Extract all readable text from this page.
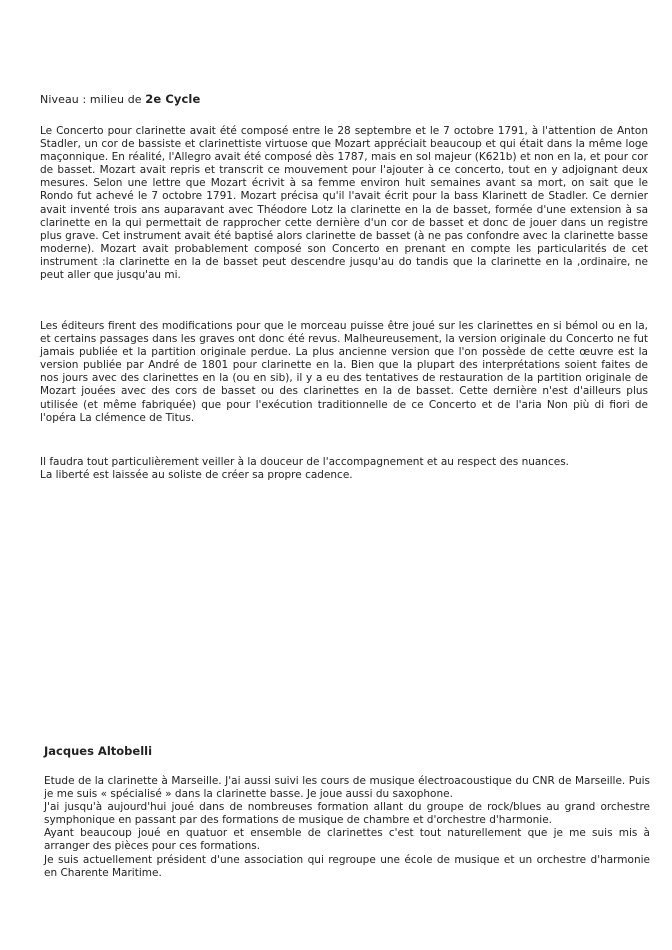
Niveau : milieu de 2e Cycle

Le Concerto pour clarinette avait été composé entre le 28 septembre et le 7 octobre 1791, à l'attention de Anton Stadler, un cor de bassiste et clarinettiste virtuose que Mozart appréciait beaucoup et qui était dans la même loge maçonnique. En réalité, l'Allegro avait été composé dès 1787, mais en sol majeur (K621b) et non en la, et pour cor de basset. Mozart avait repris et transcrit ce mouvement pour l'ajouter à ce concerto, tout en y adjoignant deux mesures. Selon une lettre que Mozart écrivit à sa femme environ huit semaines avant sa mort, on sait que le Rondo fut achevé le 7 octobre 1791. Mozart précisa qu'il l'avait écrit pour la bass Klarinett de Stadler. Ce dernier avait inventé trois ans auparavant avec Théodore Lotz la clarinette en la de basset, formée d'une extension à sa clarinette en la qui permettait de rapprocher cette dernière d'un cor de basset et donc de jouer dans un registre plus grave. Cet instrument avait été baptisé alors clarinette de basset (à ne pas confondre avec la clarinette basse moderne). Mozart avait probablement composé son Concerto en prenant en compte les particularités de cet instrument :la clarinette en la de basset peut descendre jusqu'au do tandis que la clarinette en la ,ordinaire, ne peut aller que jusqu'au mi.

Les éditeurs firent des modifications pour que le morceau puisse être joué sur les clarinettes en si bémol ou en la, et certains passages dans les graves ont donc été revus. Malheureusement, la version originale du Concerto ne fut jamais publiée et la partition originale perdue. La plus ancienne version que l'on possède de cette œuvre est la version publiée par André de 1801 pour clarinette en la. Bien que la plupart des interprétations soient faites de nos jours avec des clarinettes en la (ou en sib), il y a eu des tentatives de restauration de la partition originale de Mozart jouées avec des cors de basset ou des clarinettes en la de basset. Cette dernière n'est d'ailleurs plus utilisée (et même fabriquée) que pour l'exécution traditionnelle de ce Concerto et de l'aria Non più di fiori de l'opéra La clémence de Titus.

Il faudra tout particulièrement veiller à la douceur de l'accompagnement et au respect des nuances.
La liberté est laissée au soliste de créer sa propre cadence.

Jacques Altobelli
Etude de la clarinette à Marseille. J'ai aussi suivi les cours de musique électroacoustique du CNR de Marseille. Puis je me suis « spécialisé » dans la clarinette basse. Je joue aussi du saxophone.
J'ai jusqu'à aujourd'hui joué dans de nombreuses formation allant du groupe de rock/blues au grand orchestre symphonique en passant par des formations de musique de chambre et d'orchestre d'harmonie.
Ayant beaucoup joué en quatuor et ensemble de clarinettes c'est tout naturellement que je me suis mis à arranger des pièces pour ces formations.
Je suis actuellement président d'une association qui regroupe une école de musique et un orchestre d'harmonie en Charente Maritime.
